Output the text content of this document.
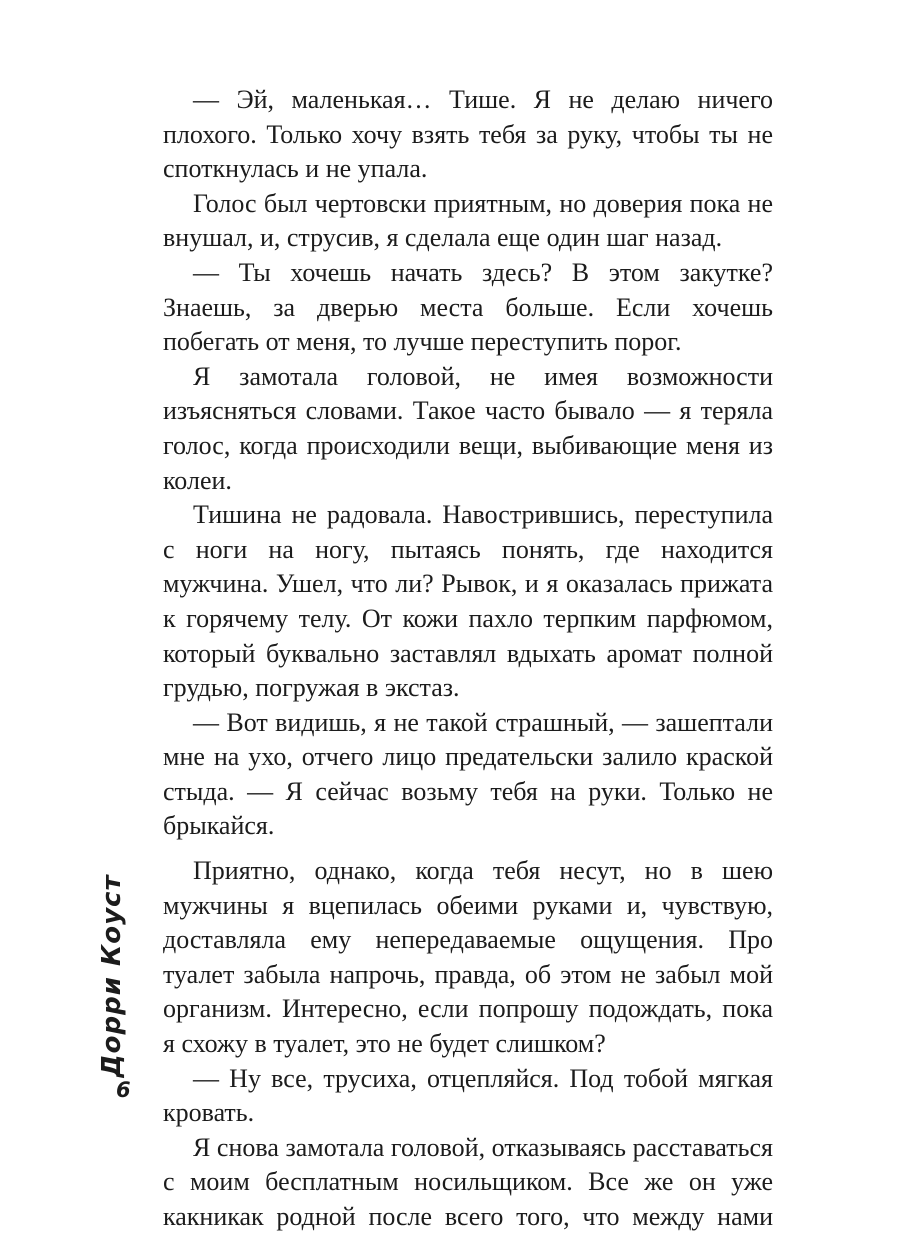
— Эй, маленькая… Тише. Я не делаю ничего плохого. Только хочу взять тебя за руку, чтобы ты не споткнулась и не упала.

Голос был чертовски приятным, но доверия пока не внушал, и, струсив, я сделала еще один шаг назад.

— Ты хочешь начать здесь? В этом закутке? Знаешь, за дверью места больше. Если хочешь побегать от меня, то лучше переступить порог.

Я замотала головой, не имея возможности изъясняться словами. Такое часто бывало — я теряла голос, когда происходили вещи, выбивающие меня из колеи.

Тишина не радовала. Навострившись, переступила с ноги на ногу, пытаясь понять, где находится мужчина. Ушел, что ли? Рывок, и я оказалась прижата к горячему телу. От кожи пахло терпким парфюмом, который буквально заставлял вдыхать аромат полной грудью, погружая в экстаз.

— Вот видишь, я не такой страшный, — зашептали мне на ухо, отчего лицо предательски залило краской стыда. — Я сейчас возьму тебя на руки. Только не брыкайся.

Приятно, однако, когда тебя несут, но в шею мужчины я вцепилась обеими руками и, чувствую, доставляла ему непередаваемые ощущения. Про туалет забыла напрочь, правда, об этом не забыл мой организм. Интересно, если попрошу подождать, пока я схожу в туалет, это не будет слишком?

— Ну все, трусиха, отцепляйся. Под тобой мягкая кровать.

Я снова замотала головой, отказываясь расставаться с моим бесплатным носильщиком. Все же он уже какникак родной после всего того, что между нами

Дорри Коуст
6
